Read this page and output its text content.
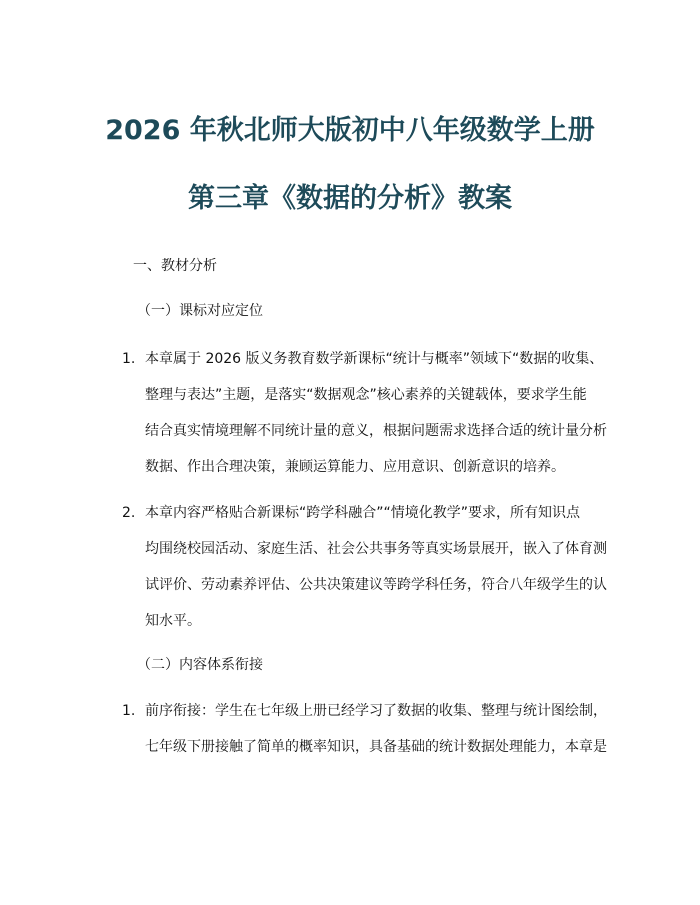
2026 年秋北师大版初中八年级数学上册
第三章《数据的分析》教案
一、教材分析
（一）课标对应定位
1. 本章属于 2026 版义务教育数学新课标“统计与概率”领域下“数据的收集、
整理与表达”主题，是落实“数据观念”核心素养的关键载体，要求学生能
结合真实情境理解不同统计量的意义，根据问题需求选择合适的统计量分析
数据、作出合理决策，兼顾运算能力、应用意识、创新意识的培养。
2. 本章内容严格贴合新课标“跨学科融合”“情境化教学”要求，所有知识点
均围绕校园活动、家庭生活、社会公共事务等真实场景展开，嵌入了体育测
试评价、劳动素养评估、公共决策建议等跨学科任务，符合八年级学生的认
知水平。
（二）内容体系衔接
1. 前序衔接：学生在七年级上册已经学习了数据的收集、整理与统计图绘制，
七年级下册接触了简单的概率知识，具备基础的统计数据处理能力，本章是
